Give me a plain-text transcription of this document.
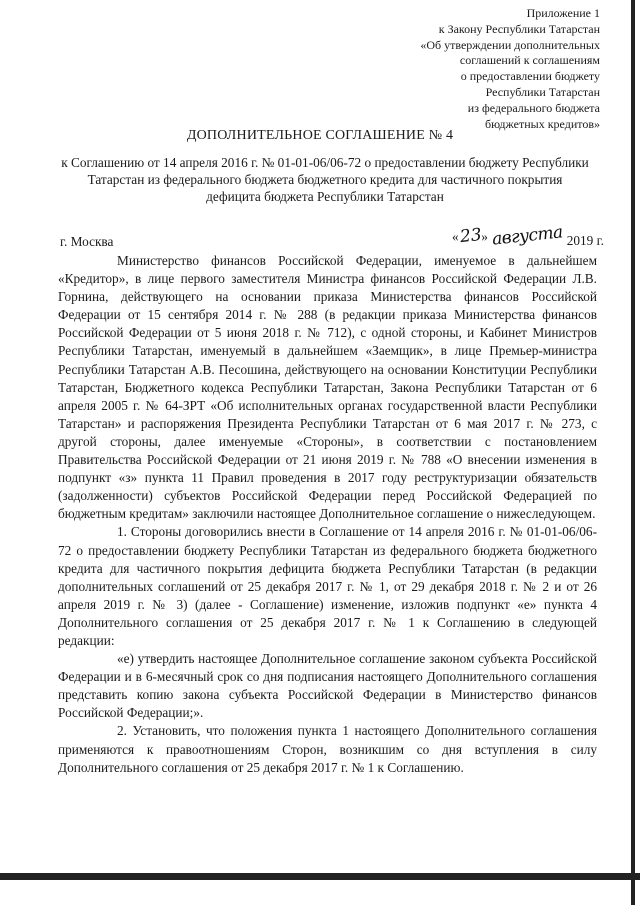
Приложение 1
к Закону Республики Татарстан
«Об утверждении дополнительных
соглашений к соглашениям
о предоставлении бюджету
Республики Татарстан
из федерального бюджета
бюджетных кредитов»
ДОПОЛНИТЕЛЬНОЕ СОГЛАШЕНИЕ № 4
к Соглашению от 14 апреля 2016 г. № 01-01-06/06-72 о предоставлении бюджету Республики Татарстан из федерального бюджета бюджетного кредита для частичного покрытия дефицита бюджета Республики Татарстан
г. Москва	«23» августа 2019 г.

Министерство финансов Российской Федерации, именуемое в дальнейшем «Кредитор», в лице первого заместителя Министра финансов Российской Федерации Л.В. Горнина, действующего на основании приказа Министерства финансов Российской Федерации от 15 сентября 2014 г. № 288 (в редакции приказа Министерства финансов Российской Федерации от 5 июня 2018 г. № 712), с одной стороны, и Кабинет Министров Республики Татарстан, именуемый в дальнейшем «Заемщик», в лице Премьер-министра Республики Татарстан А.В. Песошина, действующего на основании Конституции Республики Татарстан, Бюджетного кодекса Республики Татарстан, Закона Республики Татарстан от 6 апреля 2005 г. № 64-ЗРТ «Об исполнительных органах государственной власти Республики Татарстан» и распоряжения Президента Республики Татарстан от 6 мая 2017 г. № 273, с другой стороны, далее именуемые «Стороны», в соответствии с постановлением Правительства Российской Федерации от 21 июня 2019 г. № 788 «О внесении изменения в подпункт «з» пункта 11 Правил проведения в 2017 году реструктуризации обязательств (задолженности) субъектов Российской Федерации перед Российской Федерацией по бюджетным кредитам» заключили настоящее Дополнительное соглашение о нижеследующем.

1. Стороны договорились внести в Соглашение от 14 апреля 2016 г. № 01-01-06/06-72 о предоставлении бюджету Республики Татарстан из федерального бюджета бюджетного кредита для частичного покрытия дефицита бюджета Республики Татарстан (в редакции дополнительных соглашений от 25 декабря 2017 г. № 1, от 29 декабря 2018 г. № 2 и от 26 апреля 2019 г. № 3) (далее - Соглашение) изменение, изложив подпункт «е» пункта 4 Дополнительного соглашения от 25 декабря 2017 г. № 1 к Соглашению в следующей редакции:

«е) утвердить настоящее Дополнительное соглашение законом субъекта Российской Федерации и в 6-месячный срок со дня подписания настоящего Дополнительного соглашения представить копию закона субъекта Российской Федерации в Министерство финансов Российской Федерации;».

2. Установить, что положения пункта 1 настоящего Дополнительного соглашения применяются к правоотношениям Сторон, возникшим со дня вступления в силу Дополнительного соглашения от 25 декабря 2017 г. № 1 к Соглашению.
